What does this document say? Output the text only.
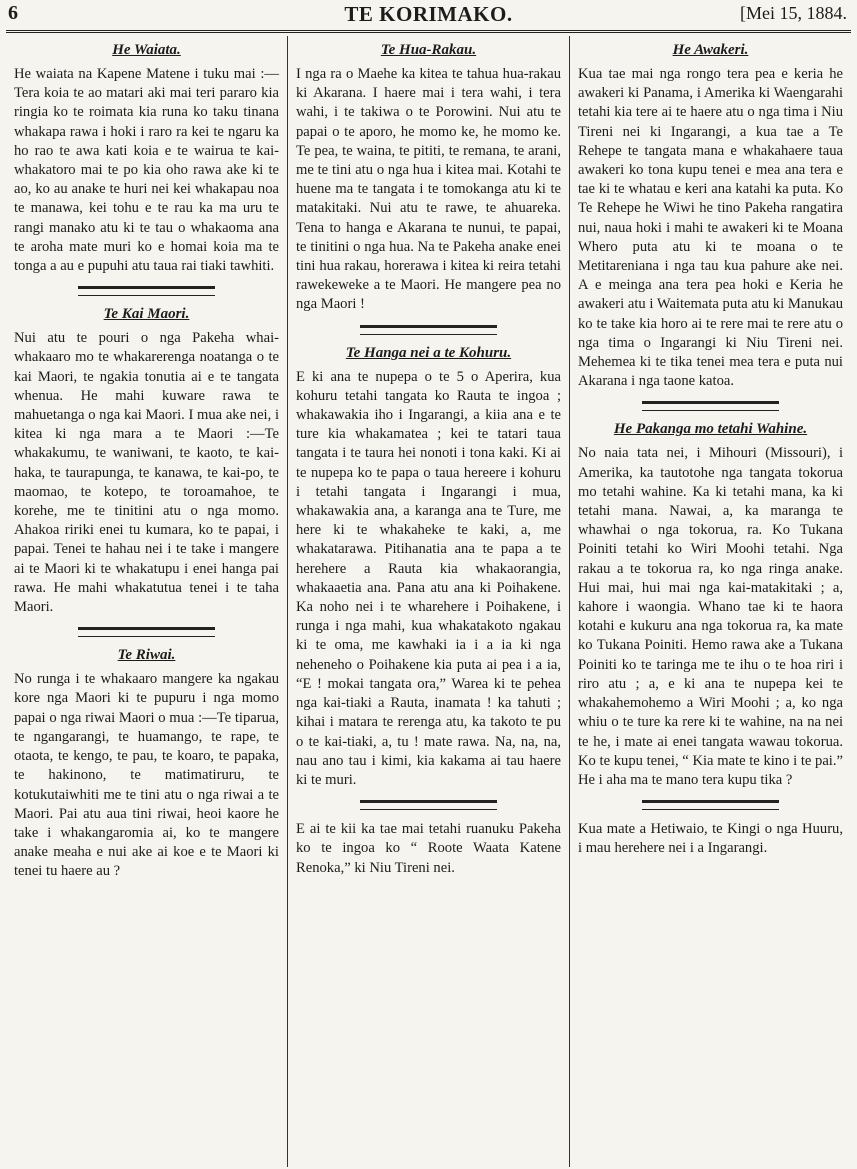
6	TE KORIMAKO.	[Mei 15, 1884.
He Waiata.

He waiata na Kapene Matene i tuku mai :—Tera koia te ao matari aki mai teri pararo kia ringia ko te roimata kia runa ko taku tinana whakapa rawa i hoki i raro ra kei te ngaru ka ho rao te awa kati koia e te wairua te kai-whakatoro mai te po kia oho rawa ake ki te ao, ko au anake te huri nei kei whakapau noa te manawa, kei tohu e te rau ka ma uru te rangi manako atu ki te tau o whakaoma ana te aroha mate muri ko e homai koia ma te tonga a au e pupuhi atu taua rai tiaki tawhiti.

Te Kai Maori.

Nui atu te pouri o nga Pakeha whai-whakaaro mo te whakarerenga noatanga o te kai Maori, te ngakia tonutia ai e te tangata whenua. He mahi kuware rawa te mahuetanga o nga kai Maori. I mua ake nei, i kitea ki nga mara a te Maori :—Te whakakumu, te waniwani, te kaoto, te kai-haka, te taurapunga, te kanawa, te kai-po, te maomao, te kotepo, te toroamahoe, te korehe, me te tinitini atu o nga momo. Ahakoa ririki enei tu kumara, ko te papai, i papai. Tenei te hahau nei i te take i mangere ai te Maori ki te whakatupu i enei hanga pai rawa. He mahi whakatutua tenei i te taha Maori.

Te Riwai.

No runga i te whakaaro mangere ka ngakau kore nga Maori ki te pupuru i nga momo papai o nga riwai Maori o mua :—Te tiparua, te ngangarangi, te huamango, te rape, te otaota, te kengo, te pau, te koaro, te papaka, te hakinono, te matimatiruru, te kotukutaiwhiti me te tini atu o nga riwai a te Maori. Pai atu aua tini riwai, heoi kaore he take i whakangaromia ai, ko te mangere anake meaha e nui ake ai koe e te Maori ki tenei tu haere au ?

Te Hua-Rakau.

I nga ra o Maehe ka kitea te tahua hua-rakau ki Akarana. I haere mai i tera wahi, i tera wahi, i te takiwa o te Porowini. Nui atu te papai o te aporo, he momo ke, he momo ke. Te pea, te waina, te pititi, te remana, te arani, me te tini atu o nga hua i kitea mai. Kotahi te huene ma te tangata i te tomokanga atu ki te matakitaki. Nui atu te rawe, te ahuareka. Tena to hanga e Akarana te nunui, te papai, te tinitini o nga hua. Na te Pakeha anake enei tini hua rakau, horerawa i kitea ki reira tetahi rawekeweke a te Maori. He mangere pea no nga Maori !

Te Hanga nei a te Kohuru.

E ki ana te nupepa o te 5 o Aperira, kua kohuru tetahi tangata ko Rauta te ingoa ; whakawakia iho i Ingarangi, a kiia ana e te ture kia whakamatea ; kei te tatari taua tangata i te taura hei nonoti i tona kaki. Ki ai te nupepa ko te papa o taua hereere i kohuru i tetahi tangata i Ingarangi i mua, whakawakia ana, a karanga ana te Ture, me here ki te whakaheke te kaki, a, me whakatarawa. Pitihanatia ana te papa a te herehere a Rauta kia whakaorangia, whakaaetia ana. Pana atu ana ki Poihakene. Ka noho nei i te wharehere i Poihakene, i runga i nga mahi, kua whakatakoto ngakau ki te oma, me kawhaki ia i a ia ki nga neheneho o Poihakene kia puta ai pea i a ia, “E ! mokai tangata ora,” Warea ki te pehea nga kai-tiaki a Rauta, inamata ! ka tahuti ; kihai i matara te rerenga atu, ka takoto te pu o te kai-tiaki, a, tu ! mate rawa. Na, na, na, nau ano tau i kimi, kia kakama ai tau haere ki te muri.

E ai te kii ka tae mai tetahi ruanuku Pakeha ko te ingoa ko “ Roote Waata Katene Renoka,” ki Niu Tireni nei.

He Awakeri.

Kua tae mai nga rongo tera pea e keria he awakeri ki Panama, i Amerika ki Waengarahi tetahi kia tere ai te haere atu o nga tima i Niu Tireni nei ki Ingarangi, a kua tae a Te Rehepe te tangata mana e whakahaere taua awakeri ko tona kupu tenei e mea ana tera e tae ki te whatau e keri ana katahi ka puta. Ko Te Rehepe he Wiwi he tino Pakeha rangatira nui, naua hoki i mahi te awakeri ki te Moana Whero puta atu ki te moana o te Metitareniana i nga tau kua pahure ake nei. A e meinga ana tera pea hoki e Keria he awakeri atu i Waitemata puta atu ki Manukau ko te take kia horo ai te rere mai te rere atu o nga tima o Ingarangi ki Niu Tireni nei. Mehemea ki te tika tenei mea tera e puta nui Akarana i nga taone katoa.

He Pakanga mo tetahi Wahine.

No naia tata nei, i Mihouri (Missouri), i Amerika, ka tautotohe nga tangata tokorua mo tetahi wahine. Ka ki tetahi mana, ka ki tetahi mana. Nawai, a, ka maranga te whawhai o nga tokorua, ra. Ko Tukana Poiniti tetahi ko Wiri Moohi tetahi. Nga rakau a te tokorua ra, ko nga ringa anake. Hui mai, hui mai nga kai-matakitaki ; a, kahore i waongia. Whano tae ki te haora kotahi e kukuru ana nga tokorua ra, ka mate ko Tukana Poiniti. Hemo rawa ake a Tukana Poiniti ko te taringa me te ihu o te hoa riri i riro atu ; a, e ki ana te nupepa kei te whakahemohemo a Wiri Moohi ; a, ko nga whiu o te ture ka rere ki te wahine, na na nei te he, i mate ai enei tangata wawau tokorua. Ko te kupu tenei, “ Kia mate te kino i te pai.” He i aha ma te mano tera kupu tika ?

Kua mate a Hetiwaio, te Kingi o nga Huuru, i mau herehere nei i a Ingarangi.
